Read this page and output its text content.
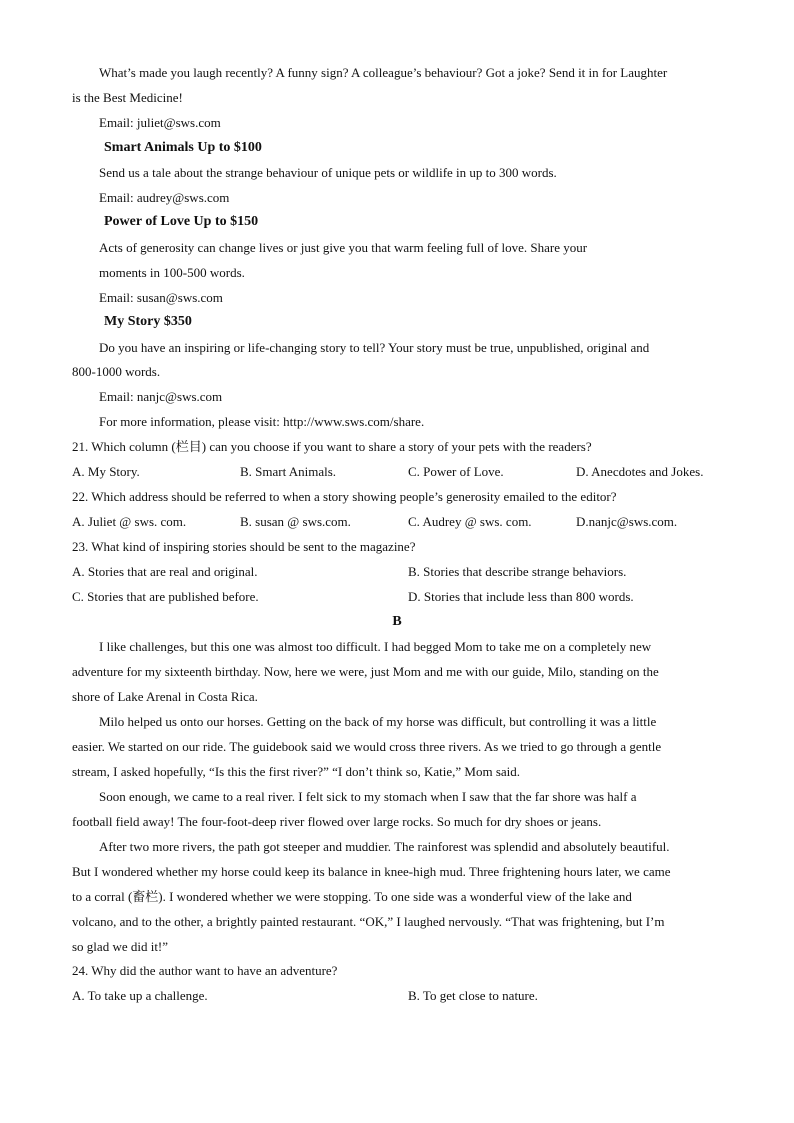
What’s made you laugh recently? A funny sign? A colleague’s behaviour? Got a joke? Send it in for Laughter
is the Best Medicine!
Email: juliet@sws.com
Smart Animals Up to $100
Send us a tale about the strange behaviour of unique pets or wildlife in up to 300 words.
Email: audrey@sws.com
Power of Love Up to $150
Acts of generosity can change lives or just give you that warm feeling full of love. Share your
moments in 100-500 words.
Email: susan@sws.com
My Story $350
Do you have an inspiring or life-changing story to tell? Your story must be true, unpublished, original and
800-1000 words.
Email: nanjc@sws.com
For more information, please visit: http://www.sws.com/share.
21. Which column (栏目) can you choose if you want to share a story of your pets with the readers?
A. My Story.	B. Smart Animals.	C. Power of Love.	D. Anecdotes and Jokes.
22. Which address should be referred to when a story showing people’s generosity emailed to the editor?
A. Juliet @ sws. com.	B. susan @ sws.com.	C. Audrey @ sws. com.	D.nanjc@sws.com.
23. What kind of inspiring stories should be sent to the magazine?
A. Stories that are real and original.	B. Stories that describe strange behaviors.
C. Stories that are published before.	D. Stories that include less than 800 words.
B
I like challenges, but this one was almost too difficult. I had begged Mom to take me on a completely new
adventure for my sixteenth birthday. Now, here we were, just Mom and me with our guide, Milo, standing on the
shore of Lake Arenal in Costa Rica.
Milo helped us onto our horses. Getting on the back of my horse was difficult, but controlling it was a little
easier. We started on our ride. The guidebook said we would cross three rivers. As we tried to go through a gentle
stream, I asked hopefully, “Is this the first river?” “I don’t think so, Katie,” Mom said.
Soon enough, we came to a real river. I felt sick to my stomach when I saw that the far shore was half a
football field away! The four-foot-deep river flowed over large rocks. So much for dry shoes or jeans.
After two more rivers, the path got steeper and muddier. The rainforest was splendid and absolutely beautiful.
But I wondered whether my horse could keep its balance in knee-high mud. Three frightening hours later, we came
to a corral (畜栏). I wondered whether we were stopping. To one side was a wonderful view of the lake and
volcano, and to the other, a brightly painted restaurant. “OK,” I laughed nervously. “That was frightening, but I’m
so glad we did it!”
24. Why did the author want to have an adventure?
A. To take up a challenge.	B. To get close to nature.
